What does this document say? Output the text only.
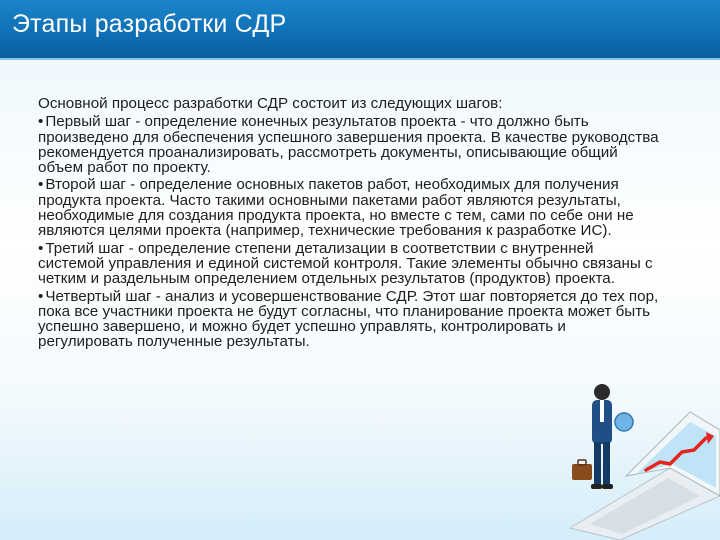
Этапы разработки СДР

Основной процесс разработки СДР состоит из следующих шагов:

• Первый шаг - определение конечных результатов проекта - что должно быть произведено для обеспечения успешного завершения проекта. В качестве руководства рекомендуется проанализировать, рассмотреть документы, описывающие общий объем работ по проекту.

• Второй шаг - определение основных пакетов работ, необходимых для получения продукта проекта. Часто такими основными пакетами работ являются результаты, необходимые для создания продукта проекта, но вместе с тем, сами по себе они не являются целями проекта (например, технические требования к разработке ИС).

• Третий шаг - определение степени детализации в соответствии с внутренней системой управления и единой системой контроля. Такие элементы обычно связаны с четким и раздельным определением отдельных результатов (продуктов) проекта.

• Четвертый шаг - анализ и усовершенствование СДР. Этот шаг повторяется до тех пор, пока все участники проекта не будут согласны, что планирование проекта может быть успешно завершено, и можно будет успешно управлять, контролировать и регулировать полученные результаты.
